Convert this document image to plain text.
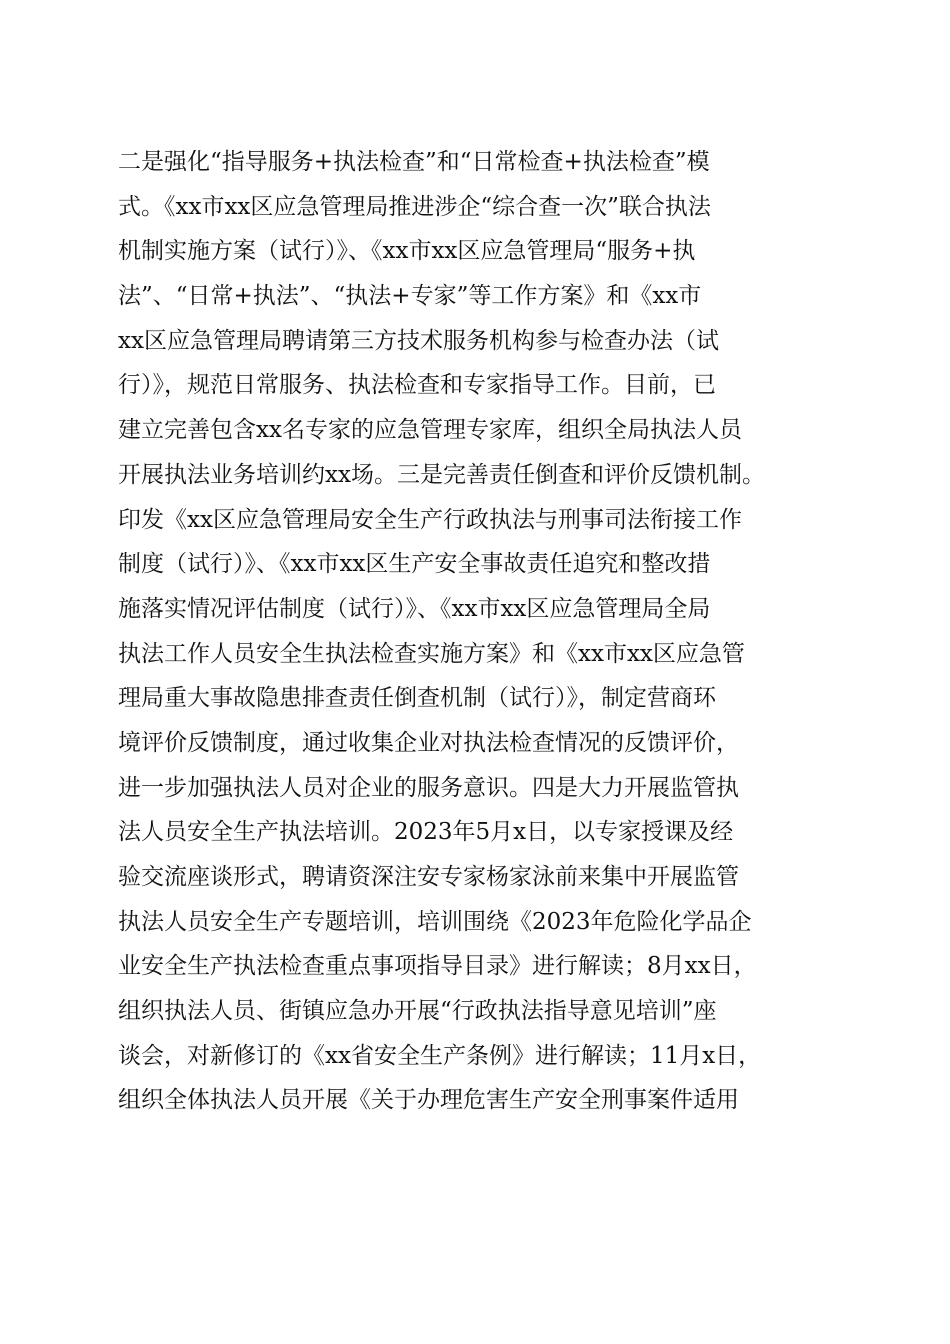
二是强化“指导服务+执法检查”和“日常检查+执法检查”模
式。《xx市xx区应急管理局推进涉企“综合查一次”联合执法
机制实施方案（试行）》、《xx市xx区应急管理局“服务+执
法”、“日常+执法”、“执法+专家”等工作方案》和《xx市
xx区应急管理局聘请第三方技术服务机构参与检查办法（试
行）》，规范日常服务、执法检查和专家指导工作。目前，已
建立完善包含xx名专家的应急管理专家库，组织全局执法人员
开展执法业务培训约xx场。三是完善责任倒查和评价反馈机制。
印发《xx区应急管理局安全生产行政执法与刑事司法衔接工作
制度（试行）》、《xx市xx区生产安全事故责任追究和整改措
施落实情况评估制度（试行）》、《xx市xx区应急管理局全局
执法工作人员安全生执法检查实施方案》和《xx市xx区应急管
理局重大事故隐患排查责任倒查机制（试行）》，制定营商环
境评价反馈制度，通过收集企业对执法检查情况的反馈评价，
进一步加强执法人员对企业的服务意识。四是大力开展监管执
法人员安全生产执法培训。2023年5月x日，以专家授课及经
验交流座谈形式，聘请资深注安专家杨家泳前来集中开展监管
执法人员安全生产专题培训，培训围绕《2023年危险化学品企
业安全生产执法检查重点事项指导目录》进行解读；8月xx日，
组织执法人员、街镇应急办开展“行政执法指导意见培训”座
谈会，对新修订的《xx省安全生产条例》进行解读；11月x日，
组织全体执法人员开展《关于办理危害生产安全刑事案件适用
